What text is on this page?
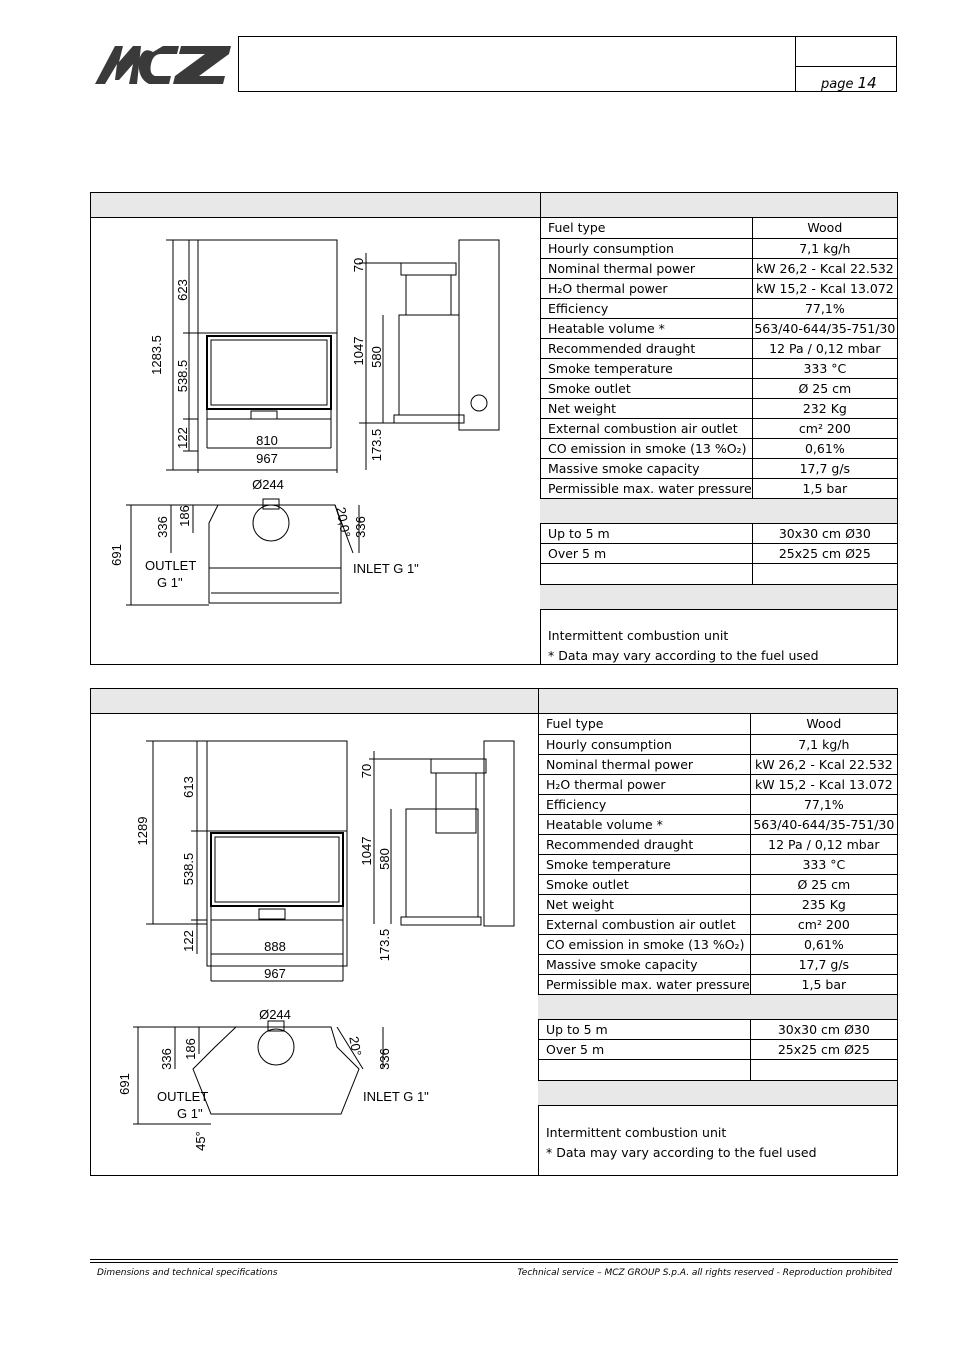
page 14
Fuel type	Wood
Hourly consumption	7,1 kg/h
Nominal thermal power	kW 26,2 - Kcal 22.532
H₂O thermal power	kW 15,2 - Kcal 13.072
Efficiency	77,1%
Heatable volume *	563/40-644/35-751/30
Recommended draught	12 Pa / 0,12 mbar
Smoke temperature	333 °C
Smoke outlet	Ø 25 cm
Net weight	232 Kg
External combustion air outlet	cm² 200
CO emission in smoke (13 %O₂)	0,61%
Massive smoke capacity	17,7 g/s
Permissible max. water pressure	1,5 bar

Up to 5 m	30x30 cm Ø30
Over 5 m	25x25 cm Ø25

Intermittent combustion unit
* Data may vary according to the fuel used
623
1283.5
538.5
122	810
967
70
1047 580
173.5
Ø244
691
336
186
336
20,0°
OUTLET
G 1"
INLET G 1"
Fuel type	Wood
Hourly consumption	7,1 kg/h
Nominal thermal power	kW 26,2 - Kcal 22.532
H₂O thermal power	kW 15,2 - Kcal 13.072
Efficiency	77,1%
Heatable volume *	563/40-644/35-751/30
Recommended draught	12 Pa / 0,12 mbar
Smoke temperature	333 °C
Smoke outlet	Ø 25 cm
Net weight	235 Kg
External combustion air outlet	cm² 200
CO emission in smoke (13 %O₂)	0,61%
Massive smoke capacity	17,7 g/s
Permissible max. water pressure	1,5 bar

Up to 5 m	30x30 cm Ø30
Over 5 m	25x25 cm Ø25

Intermittent combustion unit
* Data may vary according to the fuel used
613
1289
538.5
122	888
967
70
1047 580
173.5
Ø244
691
336 186	336
20°
OUTLET
G 1"
INLET G 1"
45°
Dimensions and technical specifications	Technical service – MCZ GROUP S.p.A. all rights reserved - Reproduction prohibited
